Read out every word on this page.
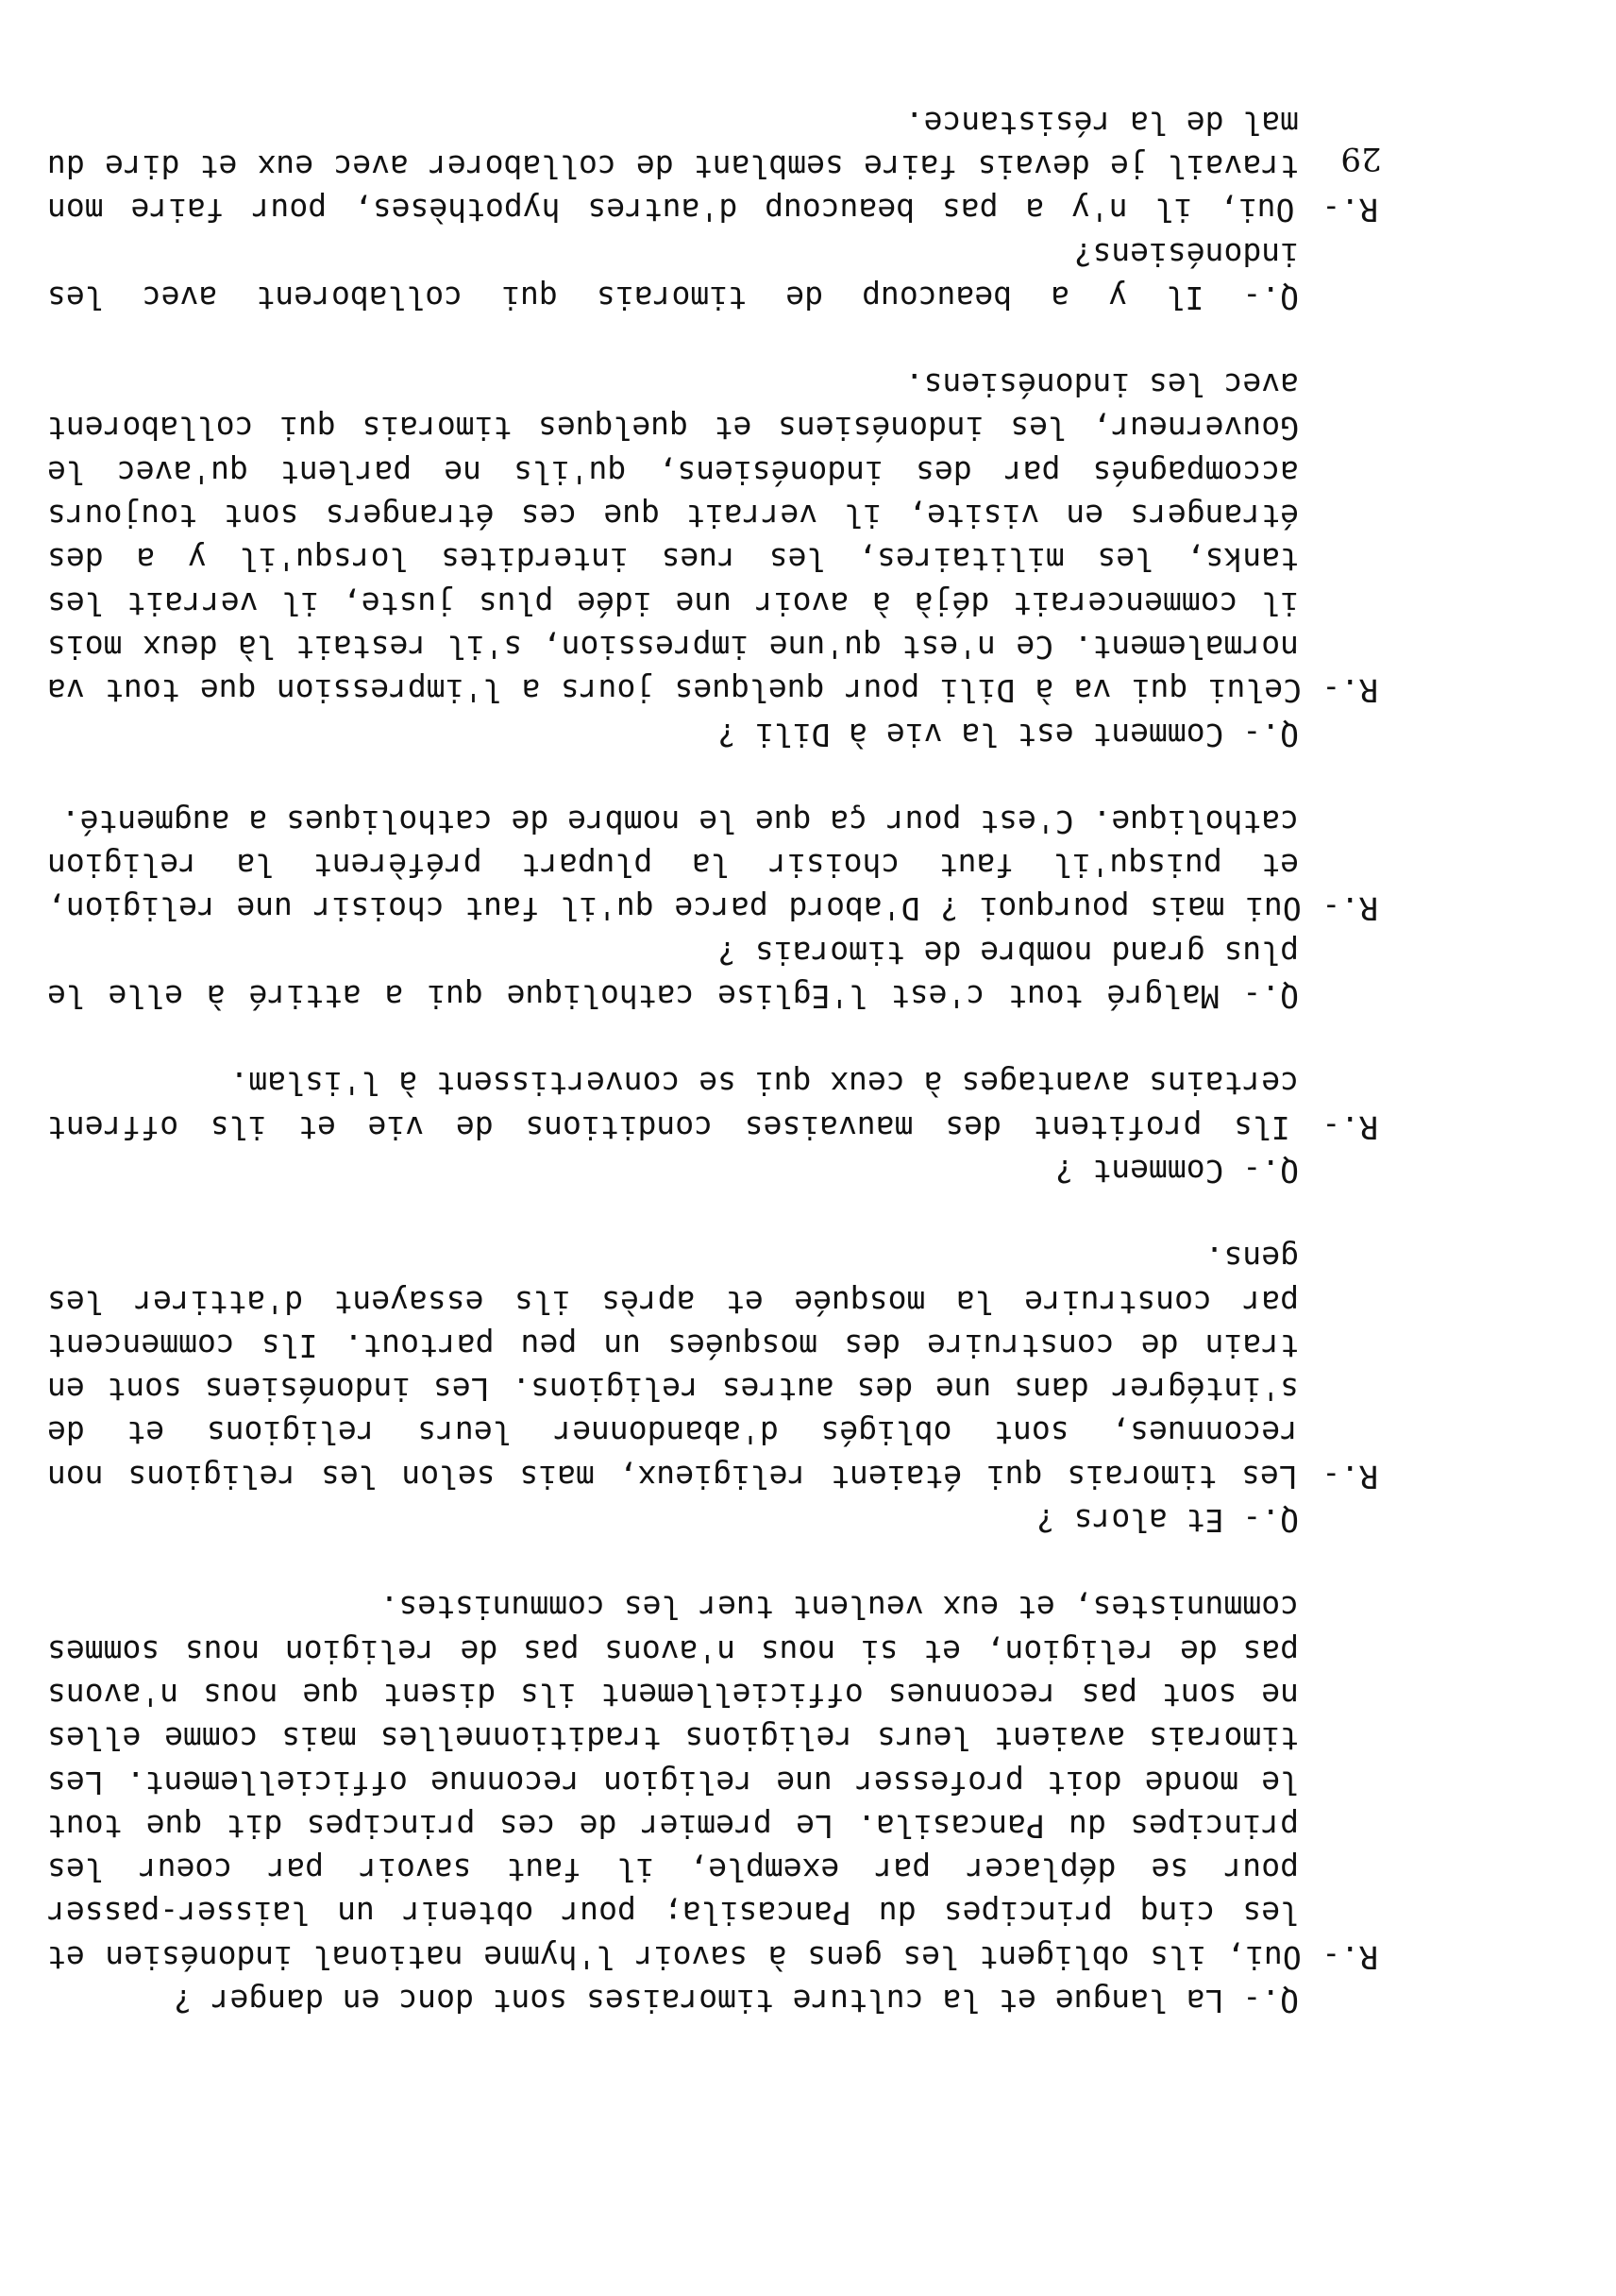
Q.- La langue et la culture timoraises sont donc en danger ?

R.- Oui, ils obligent les gens à savoir l'hymne national indonésien et les cinq principes du Pancasila; pour obtenir un laisser-passer pour se déplacer par exemple, il faut savoir par coeur les principes du Pancasila. Le premier de ces principes dit que tout le monde doit professer une religion reconnue officiellement. Les timorais avaient leurs religions traditionnelles mais comme elles ne sont pas reconnues officiellement ils disent que nous n'avons pas de religion, et si nous n'avons pas de religion nous sommes communistes, et eux veulent tuer les communistes.

Q.- Et alors ?

R.- Les timorais qui étaient religieux, mais selon les religions non reconnues, sont obligés d'abandonner leurs religions et de s'intégrer dans une des autres religions. Les indonésiens sont en train de construire des mosquées un peu partout. Ils commencent par construire la mosquée et après ils essayent d'attirer les gens.

Q.- Comment ?

R.- Ils profitent des mauvaises conditions de vie et ils offrent certains avantages à ceux qui se convertissent à l'islam.

Q.- Malgré tout c'est l'Eglise catholique qui a attiré à elle le plus grand nombre de timorais ?

R.- Oui mais pourquoi ? D'abord parce qu'il faut choisir une religion, et puisqu'il faut choisir la plupart préfèrent la religion catholique. C'est pour ça que le nombre de catholiques a augmenté.

Q.- Comment est la vie à Dili ?

R.- Celui qui va à Dili pour quelques jours a l'impression que tout va normalement. Ce n'est qu'une impression, s'il restait là deux mois il commencerait déjà à avoir une idée plus juste, il verrait les tanks, les militaires, les rues interdites lorsqu'il y a des étrangers en visite, il verrait que ces étrangers sont toujours accompagnés par des indonésiens, qu'ils ne parlent qu'avec le Gouverneur, les indonésiens et quelques timorais qui collaborent avec les indonésiens.

Q.- Il y a beaucoup de timorais qui collaborent avec les indonésiens?

R.- Oui, il n'y a pas beaucoup d'autres hypothèses, pour faire mon travail je devais faire semblant de collaborer avec eux et dire du mal de la résistance.

29
